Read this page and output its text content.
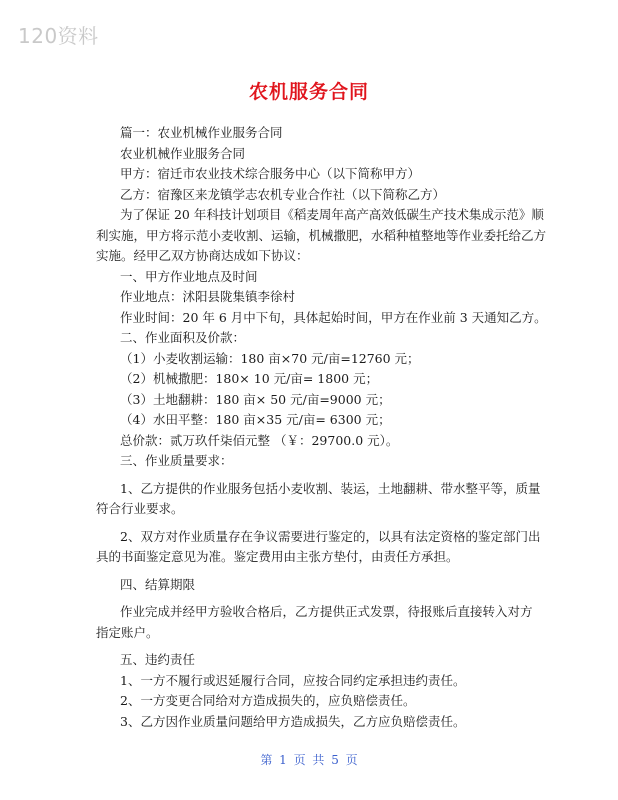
120资料
农机服务合同

篇一：农业机械作业服务合同

农业机械作业服务合同

甲方：宿迁市农业技术综合服务中心（以下简称甲方）

乙方：宿豫区来龙镇学志农机专业合作社（以下简称乙方）

为了保证 20 年科技计划项目《稻麦周年高产高效低碳生产技术集成示范》顺

利实施，甲方将示范小麦收割、运输，机械撒肥，水稻种植整地等作业委托给乙方

实施。经甲乙双方协商达成如下协议：

一、甲方作业地点及时间

作业地点：沭阳县陇集镇李徐村

作业时间：20 年 6 月中下旬，具体起始时间，甲方在作业前 3 天通知乙方。

二、作业面积及价款：

（1）小麦收割运输：180 亩×70 元/亩=12760 元；

（2）机械撒肥：180× 10 元/亩= 1800 元；

（3）土地翻耕：180 亩× 50 元/亩=9000 元；

（4）水田平整：180 亩×35 元/亩= 6300 元；

总价款：贰万玖仟柒佰元整 （￥：29700.0 元）。

三、作业质量要求：

1、乙方提供的作业服务包括小麦收割、装运，土地翻耕、带水整平等，质量

符合行业要求。

2、双方对作业质量存在争议需要进行鉴定的，以具有法定资格的鉴定部门出

具的书面鉴定意见为准。鉴定费用由主张方垫付，由责任方承担。

四、结算期限

作业完成并经甲方验收合格后，乙方提供正式发票，待报账后直接转入对方

指定账户。

五、违约责任

1、一方不履行或迟延履行合同，应按合同约定承担违约责任。

2、一方变更合同给对方造成损失的，应负赔偿责任。

3、乙方因作业质量问题给甲方造成损失，乙方应负赔偿责任。

第 1 页 共 5 页
